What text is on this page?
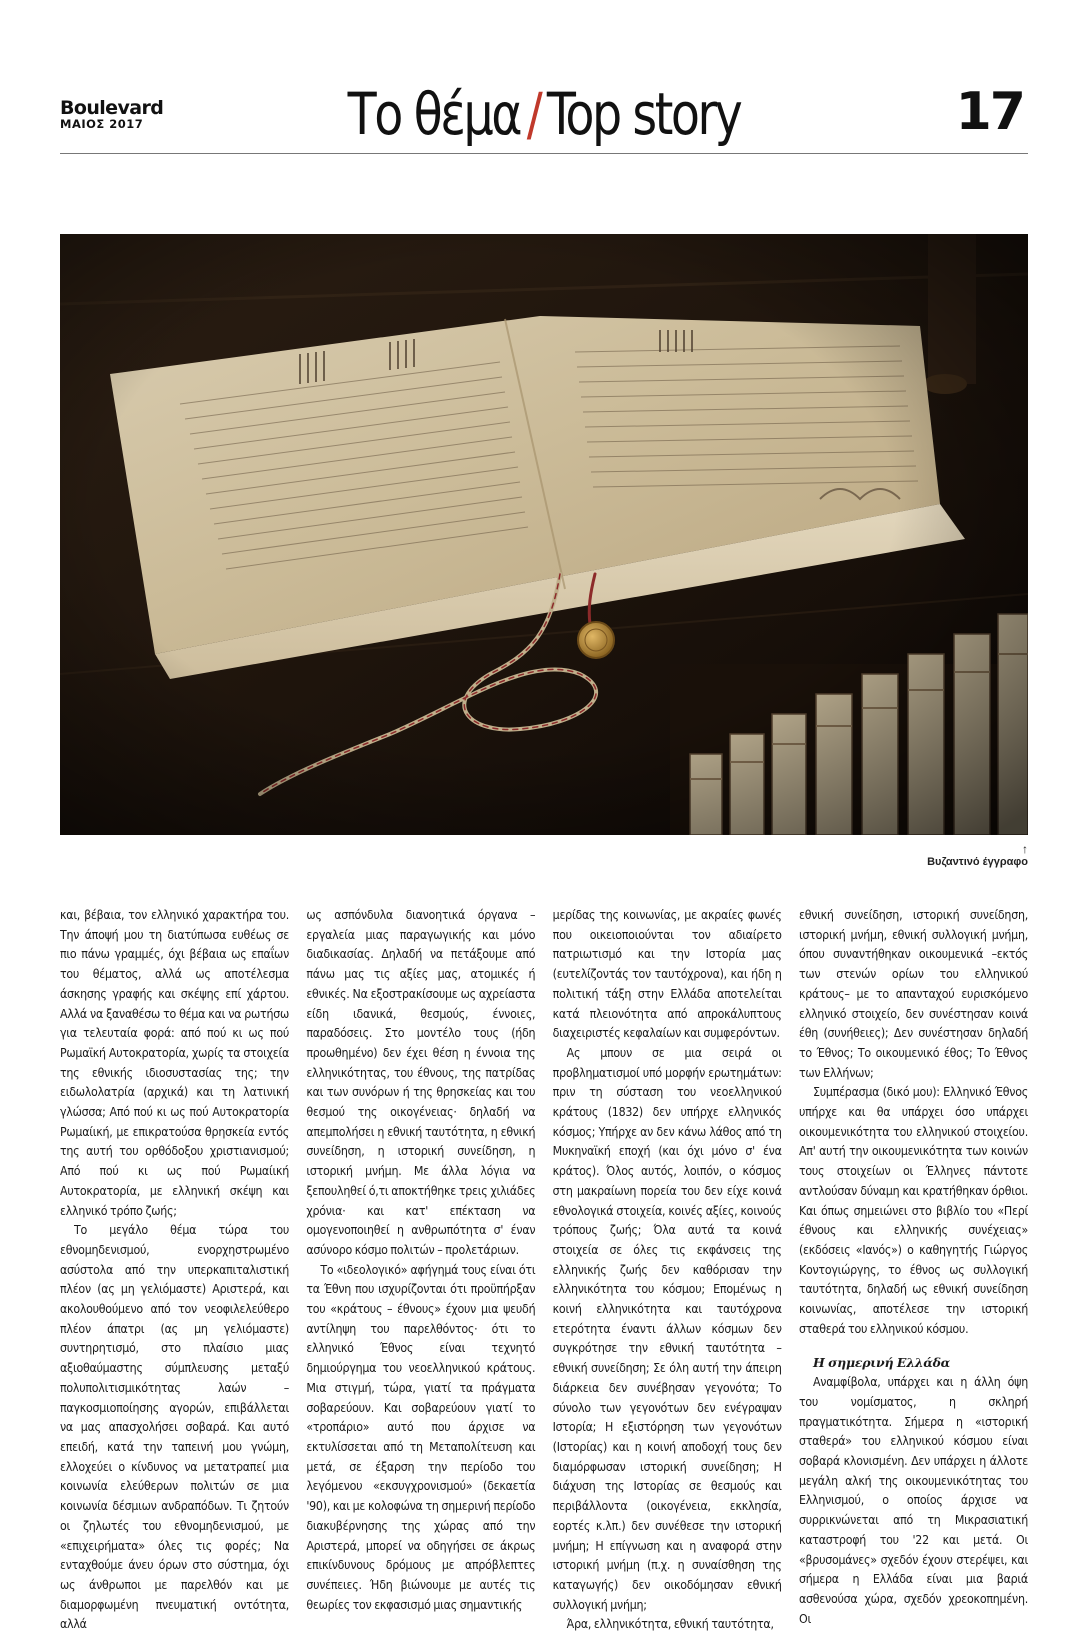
Boulevard
ΜΑΙΟΣ 2017	Το θέμα / Top story	17
↑
Βυζαντινό έγγραφο

και, βέβαια, τον ελληνικό χαρακτήρα του. Την άποψή μου τη διατύπωσα ευθέως σε πιο πάνω γραμμές, όχι βέβαια ως επαΐων του θέματος, αλλά ως αποτέλεσμα άσκησης γραφής και σκέψης επί χάρτου. Αλλά να ξαναθέσω το θέμα και να ρωτήσω για τελευταία φορά: από πού κι ως πού Ρωμαϊκή Αυτοκρατορία, χωρίς τα στοιχεία της εθνικής ιδιοσυστασίας της; την ειδωλολατρία (αρχικά) και τη λατινική γλώσσα; Από πού κι ως πού Αυτοκρατορία Ρωμαίική, με επικρατούσα θρησκεία εντός της αυτή του ορθόδοξου χριστιανισμού; Από πού κι ως πού Ρωμαίική Αυτοκρατορία, με ελληνική σκέψη και ελληνικό τρόπο ζωής;

Το μεγάλο θέμα τώρα του εθνομηδενισμού, ενορχηστρωμένο ασύστολα από την υπερκαπιταλιστική πλέον (ας μη γελιόμαστε) Αριστερά, και ακολουθούμενο από τον νεοφιλελεύθερο πλέον άπατρι (ας μη γελιόμαστε) συντηρητισμό, στο πλαίσιο μιας αξιοθαύμαστης σύμπλευσης μεταξύ πολυπολιτισμικότητας λαών – παγκοσμιοποίησης αγορών, επιβάλλεται να μας απασχολήσει σοβαρά. Και αυτό επειδή, κατά την ταπεινή μου γνώμη, ελλοχεύει ο κίνδυνος να μετατραπεί μια κοινωνία ελεύθερων πολιτών σε μια κοινωνία δέσμιων ανδραπόδων. Τι ζητούν οι ζηλωτές του εθνομηδενισμού, με «επιχειρήματα» όλες τις φορές; Να ενταχθούμε άνευ όρων στο σύστημα, όχι ως άνθρωποι με παρελθόν και με διαμορφωμένη πνευματική οντότητα, αλλά

ως ασπόνδυλα διανοητικά όργανα – εργαλεία μιας παραγωγικής και μόνο διαδικασίας. Δηλαδή να πετάξουμε από πάνω μας τις αξίες μας, ατομικές ή εθνικές. Να εξοστρακίσουμε ως αχρείαστα είδη ιδανικά, θεσμούς, έννοιες, παραδόσεις. Στο μοντέλο τους (ήδη προωθημένο) δεν έχει θέση η έννοια της ελληνικότητας, του έθνους, της πατρίδας και των συνόρων ή της θρησκείας και του θεσμού της οικογένειας· δηλαδή να απεμπολήσει η εθνική ταυτότητα, η εθνική συνείδηση, η ιστορική συνείδηση, η ιστορική μνήμη. Με άλλα λόγια να ξεπουληθεί ό,τι αποκτήθηκε τρεις χιλιάδες χρόνια· και κατ' επέκταση να ομογενοποιηθεί η ανθρωπότητα σ' έναν ασύνορο κόσμο πολιτών – προλετάριων.

Το «ιδεολογικό» αφήγημά τους είναι ότι τα Έθνη που ισχυρίζονται ότι προϋπήρξαν του «κράτους – έθνους» έχουν μια ψευδή αντίληψη του παρελθόντος· ότι το ελληνικό Έθνος είναι τεχνητό δημιούργημα του νεοελληνικού κράτους. Μια στιγμή, τώρα, γιατί τα πράγματα σοβαρεύουν. Και σοβαρεύουν γιατί το «τροπάριο» αυτό που άρχισε να εκτυλίσσεται από τη Μεταπολίτευση και μετά, σε έξαρση την περίοδο του λεγόμενου «εκσυγχρονισμού» (δεκαετία '90), και με κολοφώνα τη σημερινή περίοδο διακυβέρνησης της χώρας από την Αριστερά, μπορεί να οδηγήσει σε άκρως επικίνδυνους δρόμους με απρόβλεπτες συνέπειες. Ήδη βιώνουμε με αυτές τις θεωρίες τον εκφασισμό μιας σημαντικής

μερίδας της κοινωνίας, με ακραίες φωνές που οικειοποιούνται τον αδιαίρετο πατριωτισμό και την Ιστορία μας (ευτελίζοντάς τον ταυτόχρονα), και ήδη η πολιτική τάξη στην Ελλάδα αποτελείται κατά πλειονότητα από απροκάλυπτους διαχειριστές κεφαλαίων και συμφερόντων.

Ας μπουν σε μια σειρά οι προβληματισμοί υπό μορφήν ερωτημάτων: πριν τη σύσταση του νεοελληνικού κράτους (1832) δεν υπήρχε ελληνικός κόσμος; Υπήρχε αν δεν κάνω λάθος από τη Μυκηναϊκή εποχή (και όχι μόνο σ' ένα κράτος). Όλος αυτός, λοιπόν, ο κόσμος στη μακραίωνη πορεία του δεν είχε κοινά εθνολογικά στοιχεία, κοινές αξίες, κοινούς τρόπους ζωής; Όλα αυτά τα κοινά στοιχεία σε όλες τις εκφάνσεις της ελληνικής ζωής δεν καθόρισαν την ελληνικότητα του κόσμου; Επομένως η κοινή ελληνικότητα και ταυτόχρονα ετερότητα έναντι άλλων κόσμων δεν συγκρότησε την εθνική ταυτότητα – εθνική συνείδηση; Σε όλη αυτή την άπειρη διάρκεια δεν συνέβησαν γεγονότα; Το σύνολο των γεγονότων δεν ενέγραψαν Ιστορία; Η εξιστόρηση των γεγονότων (Ιστορίας) και η κοινή αποδοχή τους δεν διαμόρφωσαν ιστορική συνείδηση; Η διάχυση της Ιστορίας σε θεσμούς και περιβάλλοντα (οικογένεια, εκκλησία, εορτές κ.λπ.) δεν συνέθεσε την ιστορική μνήμη; Η επίγνωση και η αναφορά στην ιστορική μνήμη (π.χ. η συναίσθηση της καταγωγής) δεν οικοδόμησαν εθνική συλλογική μνήμη;

Άρα, ελληνικότητα, εθνική ταυτότητα,

εθνική συνείδηση, ιστορική συνείδηση, ιστορική μνήμη, εθνική συλλογική μνήμη, όπου συναντήθηκαν οικουμενικά –εκτός των στενών ορίων του ελληνικού κράτους– με το απανταχού ευρισκόμενο ελληνικό στοιχείο, δεν συνέστησαν κοινά έθη (συνήθειες); Δεν συνέστησαν δηλαδή το Έθνος; Το οικουμενικό έθος; Το Έθνος των Ελλήνων;

Συμπέρασμα (δικό μου): Ελληνικό Έθνος υπήρχε και θα υπάρχει όσο υπάρχει οικουμενικότητα του ελληνικού στοιχείου. Απ' αυτή την οικουμενικότητα των κοινών τους στοιχείων οι Έλληνες πάντοτε αντλούσαν δύναμη και κρατήθηκαν όρθιοι. Και όπως σημειώνει στο βιβλίο του «Περί έθνους και ελληνικής συνέχειας» (εκδόσεις «Ιανός») ο καθηγητής Γιώργος Κοντογιώργης, το έθνος ως συλλογική ταυτότητα, δηλαδή ως εθνική συνείδηση κοινωνίας, αποτέλεσε την ιστορική σταθερά του ελληνικού κόσμου.

Η σημερινή Ελλάδα

Αναμφίβολα, υπάρχει και η άλλη όψη του νομίσματος, η σκληρή πραγματικότητα. Σήμερα η «ιστορική σταθερά» του ελληνικού κόσμου είναι σοβαρά κλονισμένη. Δεν υπάρχει η άλλοτε μεγάλη αλκή της οικουμενικότητας του Ελληνισμού, ο οποίος άρχισε να συρρικνώνεται από τη Μικρασιατική καταστροφή του '22 και μετά. Οι «βρυσομάνες» σχεδόν έχουν στερέψει, και σήμερα η Ελλάδα είναι μια βαριά ασθενούσα χώρα, σχεδόν χρεοκοπημένη. Οι
